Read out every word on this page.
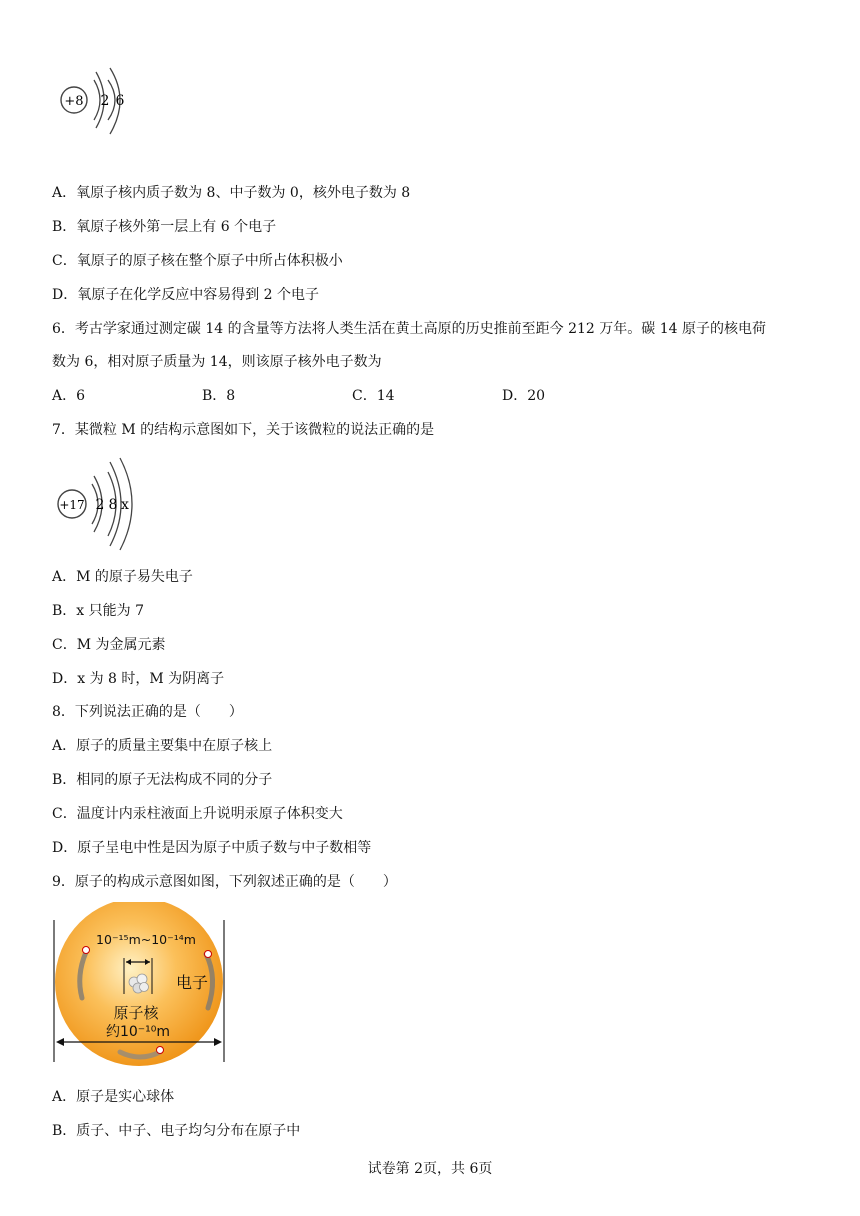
+8 2 6
A．氧原子核内质子数为 8、中子数为 0，核外电子数为 8
B．氧原子核外第一层上有 6 个电子
C．氧原子的原子核在整个原子中所占体积极小
D．氧原子在化学反应中容易得到 2 个电子
6．考古学家通过测定碳 14 的含量等方法将人类生活在黄土高原的历史推前至距今 212 万年。碳 14 原子的核电荷
数为 6，相对原子质量为 14，则该原子核外电子数为
A．6	B．8	C．14	D．20
7．某微粒 M 的结构示意图如下，关于该微粒的说法正确的是
+17 2 8 x
A．M 的原子易失电子
B．x 只能为 7
C．M 为金属元素
D．x 为 8 时，M 为阴离子
8．下列说法正确的是（　　）
A．原子的质量主要集中在原子核上
B．相同的原子无法构成不同的分子
C．温度计内汞柱液面上升说明汞原子体积变大
D．原子呈电中性是因为原子中质子数与中子数相等
9．原子的构成示意图如图，下列叙述正确的是（　　）
10⁻¹⁵m~10⁻¹⁴m
电子
原子核
约10⁻¹⁰m
A．原子是实心球体
B．质子、中子、电子均匀分布在原子中
试卷第 2页，共 6页
